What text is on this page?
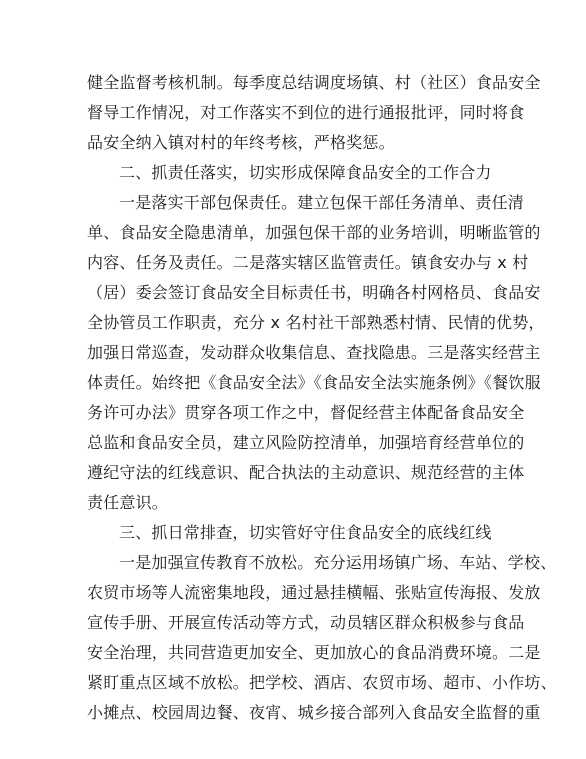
健全监督考核机制。每季度总结调度场镇、村（社区）食品安全

督导工作情况，对工作落实不到位的进行通报批评，同时将食

品安全纳入镇对村的年终考核，严格奖惩。

二、抓责任落实，切实形成保障食品安全的工作合力

一是落实干部包保责任。建立包保干部任务清单、责任清

单、食品安全隐患清单，加强包保干部的业务培训，明晰监管的

内容、任务及责任。二是落实辖区监管责任。镇食安办与 x 村

（居）委会签订食品安全目标责任书，明确各村网格员、食品安

全协管员工作职责，充分 x 名村社干部熟悉村情、民情的优势，

加强日常巡查，发动群众收集信息、查找隐患。三是落实经营主

体责任。始终把《食品安全法》《食品安全法实施条例》《餐饮服

务许可办法》贯穿各项工作之中，督促经营主体配备食品安全

总监和食品安全员，建立风险防控清单，加强培育经营单位的

遵纪守法的红线意识、配合执法的主动意识、规范经营的主体

责任意识。

三、抓日常排查，切实管好守住食品安全的底线红线

一是加强宣传教育不放松。充分运用场镇广场、车站、学校、

农贸市场等人流密集地段，通过悬挂横幅、张贴宣传海报、发放

宣传手册、开展宣传活动等方式，动员辖区群众积极参与食品

安全治理，共同营造更加安全、更加放心的食品消费环境。二是

紧盯重点区域不放松。把学校、酒店、农贸市场、超市、小作坊、

小摊点、校园周边餐、夜宵、城乡接合部列入食品安全监督的重
